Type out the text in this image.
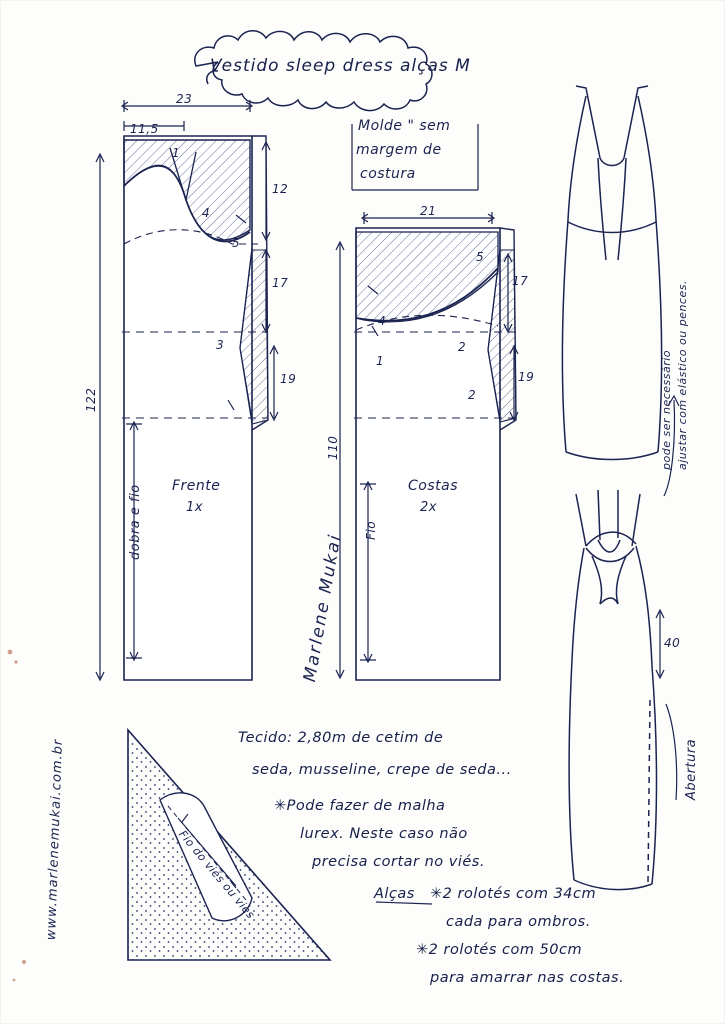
Vestido sleep dress alças M
Molde " sem
margem de
costura
23
11,5
12
17
19
1
5
3
4
122
dobra e fio Frente
1x
21
17
19
5
4
2
2
1
110
Fio
Costas
2x
Marlene Mukai
www.marlenemukai.com.br
pode ser necessário ajustar com elástico ou pences.
40
Abertura
Fio do viés ou vies
Tecido: 2,80m de cetim de
seda, musseline, crepe de seda...
✳Pode fazer de malha
lurex. Neste caso não
precisa cortar no viés.
Alças ✳2 rolotés com 34cm
cada para ombros.
✳2 rolotés com 50cm
para amarrar nas costas.
